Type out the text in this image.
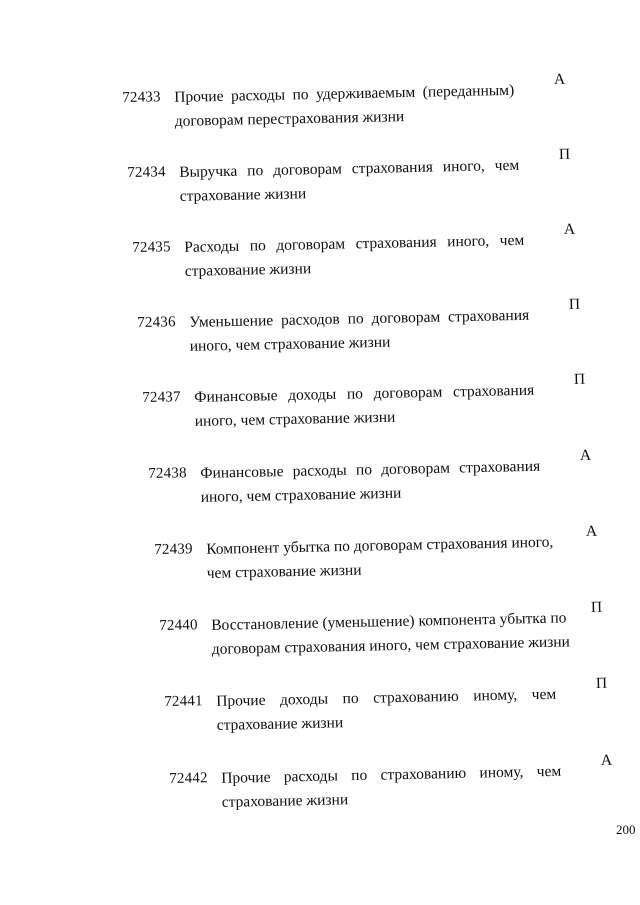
72433 Прочие расходы по удерживаемым (переданным)
договорам перестрахования жизни
А
72434 Выручка по договорам страхования иного, чем
страхование жизни
П
72435 Расходы по договорам страхования иного, чем
страхование жизни
А
72436 Уменьшение расходов по договорам страхования
иного, чем страхование жизни
П
72437 Финансовые доходы по договорам страхования
иного, чем страхование жизни
П
72438 Финансовые расходы по договорам страхования
иного, чем страхование жизни
А
72439 Компонент убытка по договорам страхования иного,
чем страхование жизни
А
72440 Восстановление (уменьшение) компонента убытка по
договорам страхования иного, чем страхование жизни
П
72441 Прочие доходы по страхованию иному, чем
страхование жизни
П
72442 Прочие расходы по страхованию иному, чем
страхование жизни
А
200
